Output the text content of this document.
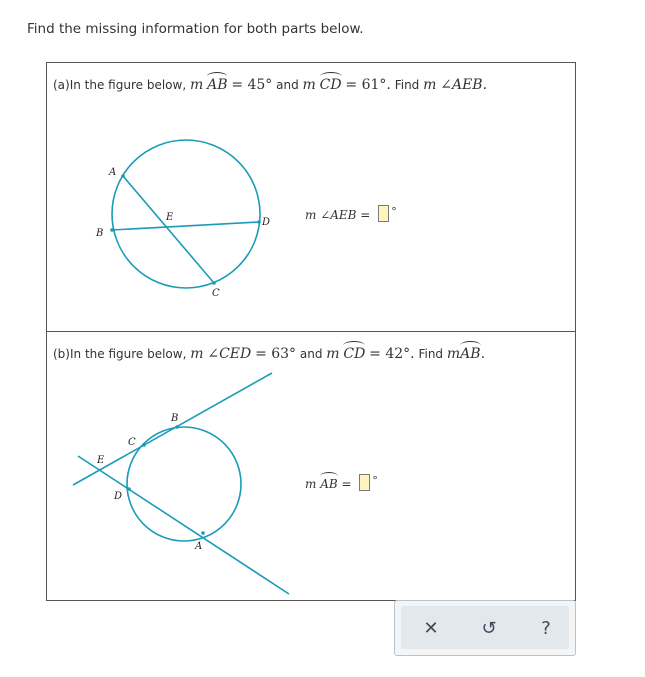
Find the missing information for both parts below.
(a)In the figure below, m AB = 45° and m CD = 61°. Find m ∠AEB.
A
B
C
D
E	m ∠AEB = °
(b)In the figure below, m ∠CED = 63° and m CD = 42°. Find mAB.
B
C
E
D
A
m AB = °
✕ ↺ ?
